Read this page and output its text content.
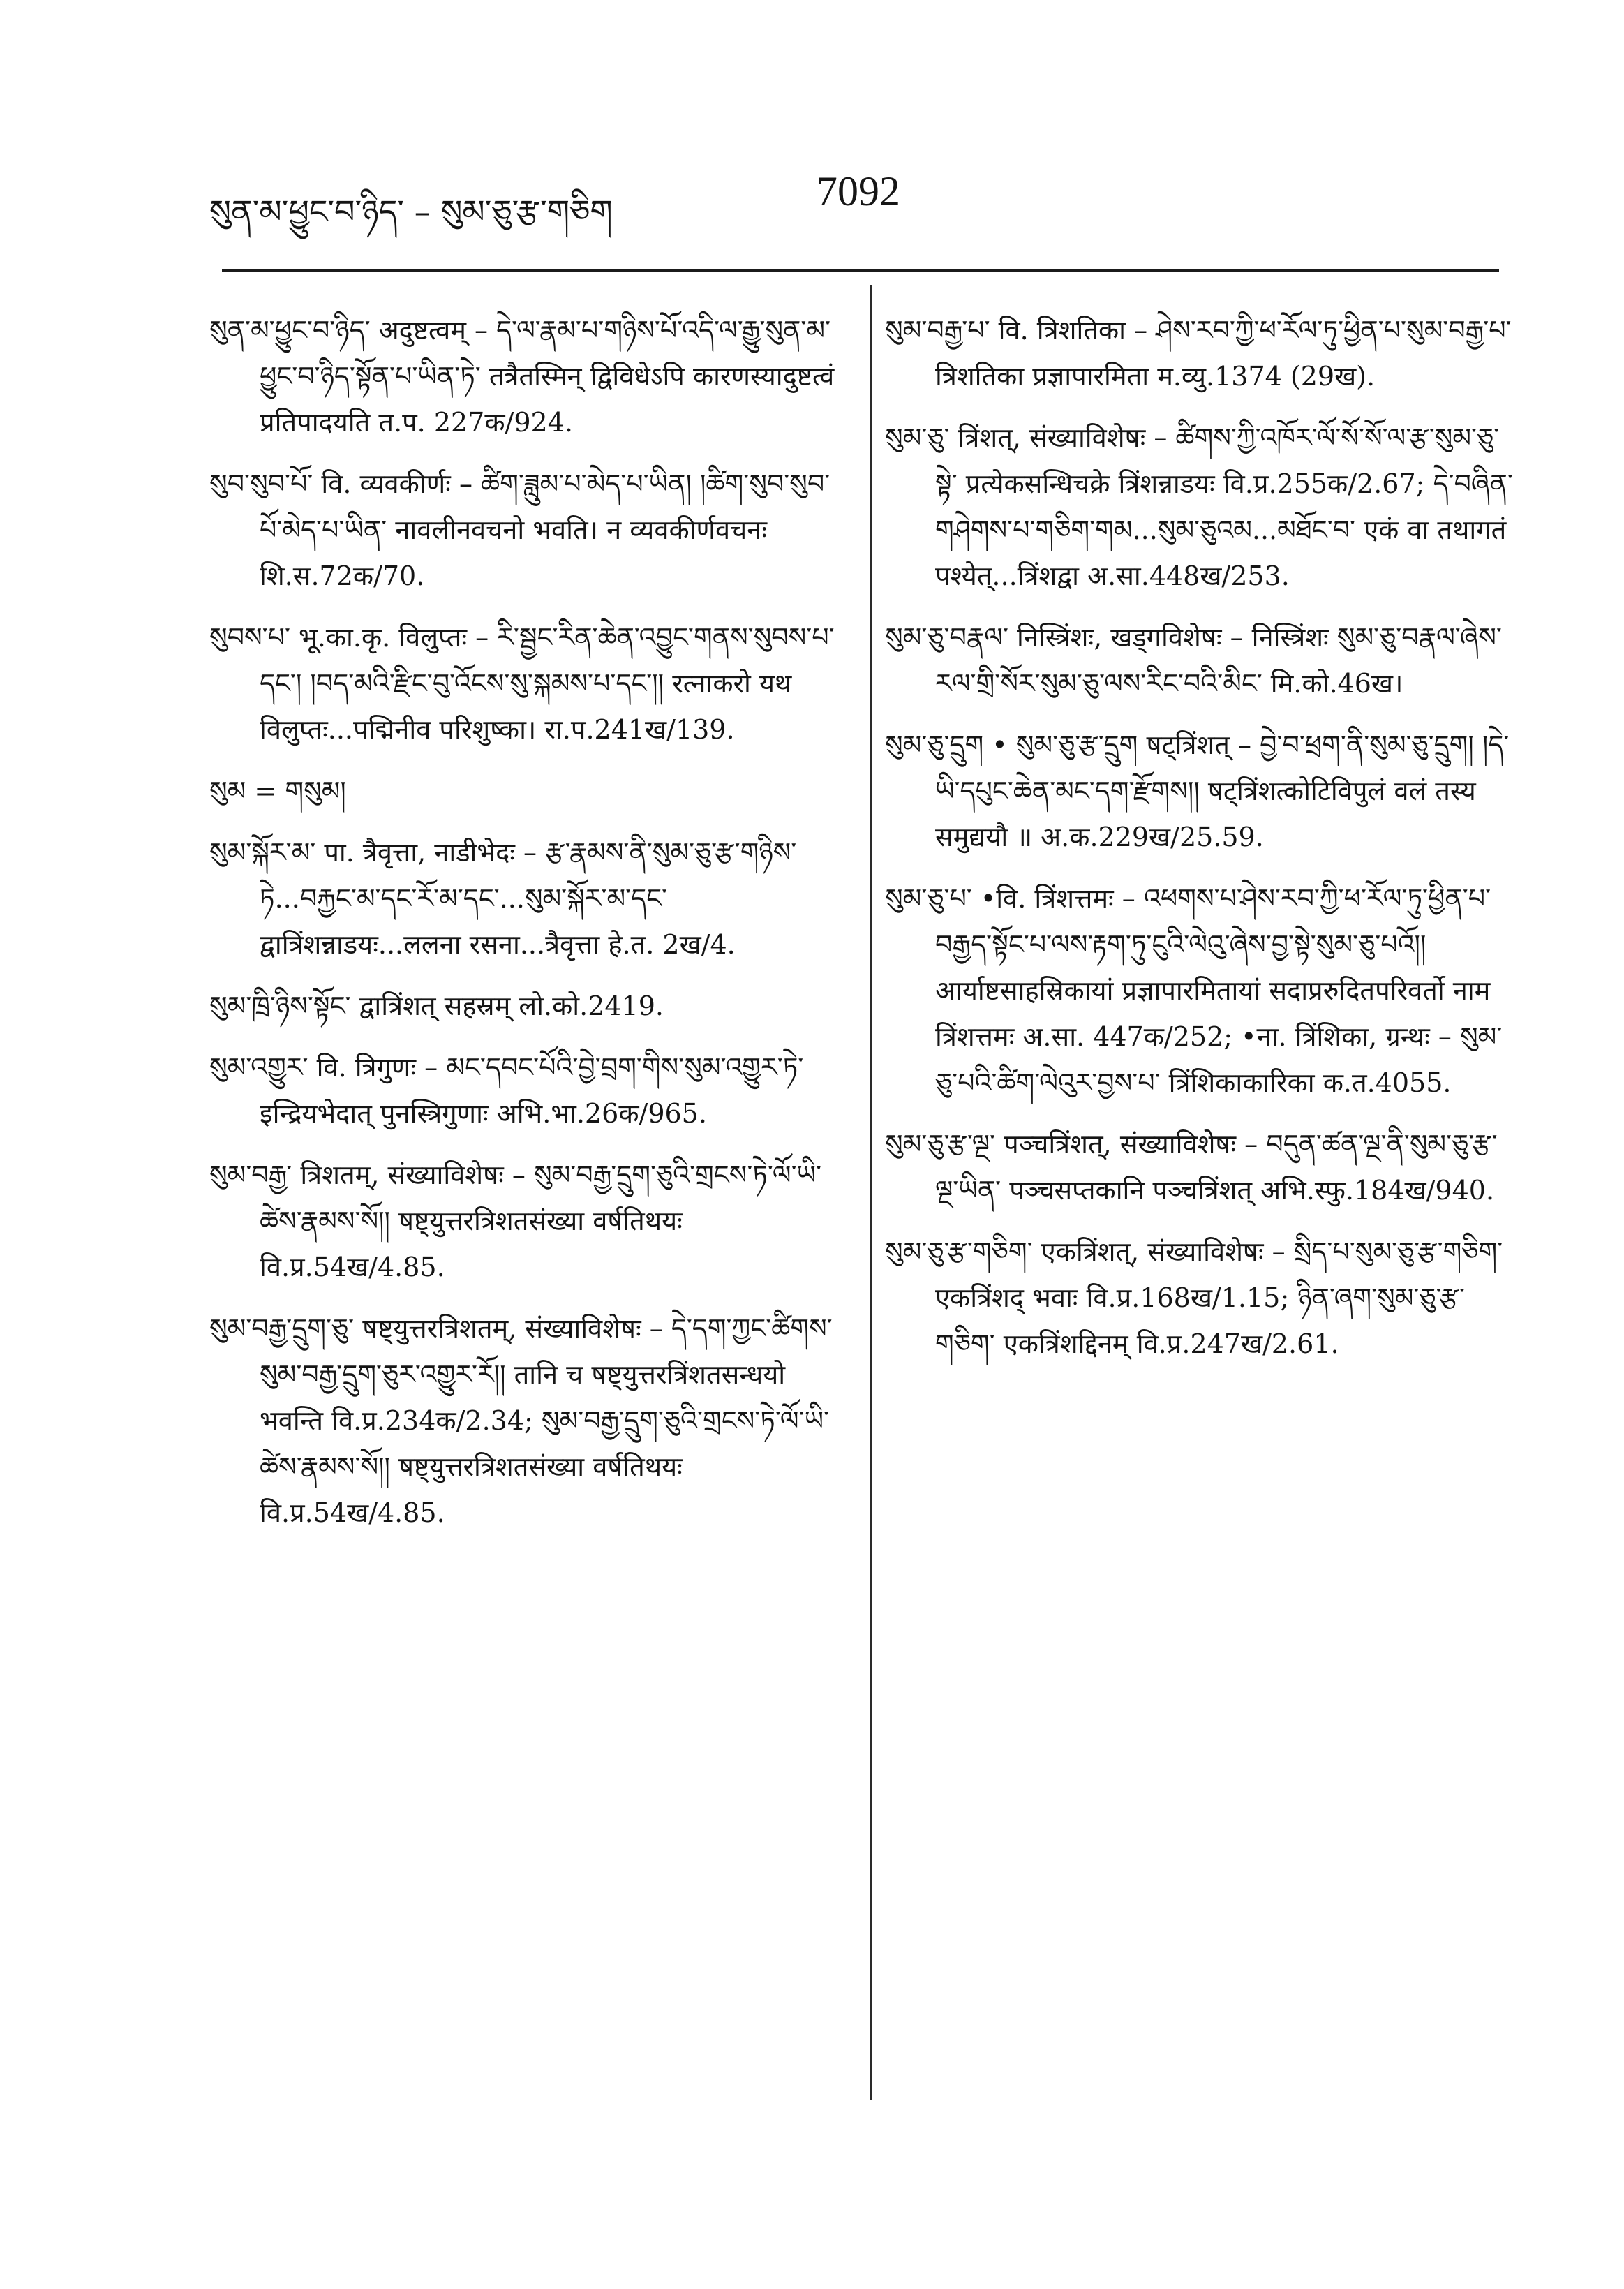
སུན་མ་ཕྱུང་བ་ཉིད་ – སུམ་ཅུ་རྩ་གཅིག	7092

སུན་མ་ཕྱུང་བ་ཉིད་ अदुष्टत्वम् – དེ་ལ་རྣམ་པ་གཉིས་པོ་འདི་ལ་རྒྱུ་སུན་མ་ཕྱུང་བ་ཉིད་སྟོན་པ་ཡིན་ཏེ་ तत्रैतस्मिन् द्विविधेऽपि कारणस्यादुष्टत्वं प्रतिपादयति त.प. 227क/924.

སུབ་སུབ་པོ་ वि. व्यवकीर्णः – ཚིག་ཟླུམ་པ་མེད་པ་ཡིན། །ཚིག་སུབ་སུབ་པོ་མེད་པ་ཡིན་ नावलीनवचनो भवति। न व्यवकीर्णवचनः शि.स.72क/70.

སུབས་པ་ भू.का.कृ. विलुप्तः – རི་སྦྱང་རིན་ཆེན་འབྱུང་གནས་སུབས་པ་དང་། །བད་མའི་རྫིང་བུ་འོངས་སུ་སྐམས་པ་དང་།། रत्नाकरो यथ विलुप्तः...पद्मिनीव परिशुष्का। रा.प.241ख/139.

སུམ = གསུམ།

སུམ་སྐོར་མ་ पा. त्रैवृत्ता, नाडीभेदः – རྩ་རྣམས་ནི་སུམ་ཅུ་རྩ་གཉིས་ཏེ...བརྐྱང་མ་དང་རོ་མ་དང་...སུམ་སྐོར་མ་དང་ द्वात्रिंशन्नाडयः...ललना रसना...त्रैवृत्ता हे.त. 2ख/4.

སུམ་ཁྲི་ཉིས་སྟོང་ द्वात्रिंशत् सहस्रम् लो.को.2419.

སུམ་འགྱུར་ वि. त्रिगुणः – མང་དབང་པོའི་བྱེ་བྲག་གིས་སུམ་འགྱུར་ཏེ་ इन्द्रियभेदात् पुनस्त्रिगुणाः अभि.भा.26क/965.

སུམ་བརྒྱ་ त्रिशतम्, संख्याविशेषः – སུམ་བརྒྱ་དྲུག་ཅུའི་གྲངས་ཏེ་ལོ་ཡི་ཚེས་རྣམས་སོ།། षष्ट्युत्तरत्रिशतसंख्या वर्षतिथयः वि.प्र.54ख/4.85.

སུམ་བརྒྱ་དྲུག་ཅུ་ षष्ट्युत्तरत्रिशतम्, संख्याविशेषः – དེ་དག་ཀྱང་ཚིགས་སུམ་བརྒྱ་དྲུག་ཅུར་འགྱུར་རོ།། तानि च षष्ट्युत्तरत्रिंशतसन्धयो भवन्ति वि.प्र.234क/2.34; སུམ་བརྒྱ་དྲུག་ཅུའི་གྲངས་ཏེ་ལོ་ཡི་ཚེས་རྣམས་སོ།། षष्ट्युत्तरत्रिशतसंख्या वर्षतिथयः वि.प्र.54ख/4.85.

སུམ་བརྒྱ་པ་ वि. त्रिशतिका – ཤེས་རབ་ཀྱི་ཕ་རོལ་ཏུ་ཕྱིན་པ་སུམ་བརྒྱ་པ་ त्रिशतिका प्रज्ञापारमिता म.व्यु.1374 (29ख).

སུམ་ཅུ་ त्रिंशत्, संख्याविशेषः – ཚིགས་ཀྱི་འཁོར་ལོ་སོ་སོ་ལ་རྩ་སུམ་ཅུ་སྟེ་ प्रत्येकसन्धिचक्रे त्रिंशन्नाडयः वि.प्र.255क/2.67; དེ་བཞིན་གཤེགས་པ་གཅིག་གམ...སུམ་ཅུའམ...མཐོང་བ་ एकं वा तथागतं पश्येत्...त्रिंशद्वा अ.सा.448ख/253.

སུམ་ཅུ་བརྣལ་ निस्त्रिंशः, खड्गविशेषः – निस्त्रिंशः སུམ་ཅུ་བརྣལ་ཞེས་རལ་གྲི་སོར་སུམ་ཅུ་ལས་རིང་བའི་མིང་ मि.को.46ख।

སུམ་ཅུ་དྲུག • སུམ་ཅུ་རྩ་དྲུག षट्त्रिंशत् – བྱེ་བ་ཕྲག་ནི་སུམ་ཅུ་དྲུག། །དེ་ཡི་དཔུང་ཆེན་མང་དག་རྫོགས།། षट्त्रिंशत्कोटिविपुलं वलं तस्य समुद्ययौ ॥ अ.क.229ख/25.59.

སུམ་ཅུ་པ་ •वि. त्रिंशत्तमः – འཕགས་པ་ཤེས་རབ་ཀྱི་ཕ་རོལ་ཏུ་ཕྱིན་པ་བརྒྱད་སྟོང་པ་ལས་རྟག་ཏུ་ངུའི་ལེའུ་ཞེས་བྱ་སྟེ་སུམ་ཅུ་པའོ།། आर्याष्टसाहस्रिकायां प्रज्ञापारमितायां सदाप्ररुदितपरिवर्तो नाम त्रिंशत्तमः अ.सा. 447क/252; •ना. त्रिंशिका, ग्रन्थः – སུམ་ཅུ་པའི་ཚིག་ལེའུར་བྱས་པ་ त्रिंशिकाकारिका क.त.4055.

སུམ་ཅུ་རྩ་ལྔ་ पञ्चत्रिंशत्, संख्याविशेषः – བདུན་ཚན་ལྔ་ནི་སུམ་ཅུ་རྩ་ལྔ་ཡིན་ पञ्चसप्तकानि पञ्चत्रिंशत् अभि.स्फु.184ख/940.

སུམ་ཅུ་རྩ་གཅིག་ एकत्रिंशत्, संख्याविशेषः – སྲིད་པ་སུམ་ཅུ་རྩ་གཅིག་ एकत्रिंशद् भवाः वि.प्र.168ख/1.15; ཉིན་ཞག་སུམ་ཅུ་རྩ་གཅིག་ एकत्रिंशद्दिनम् वि.प्र.247ख/2.61.
